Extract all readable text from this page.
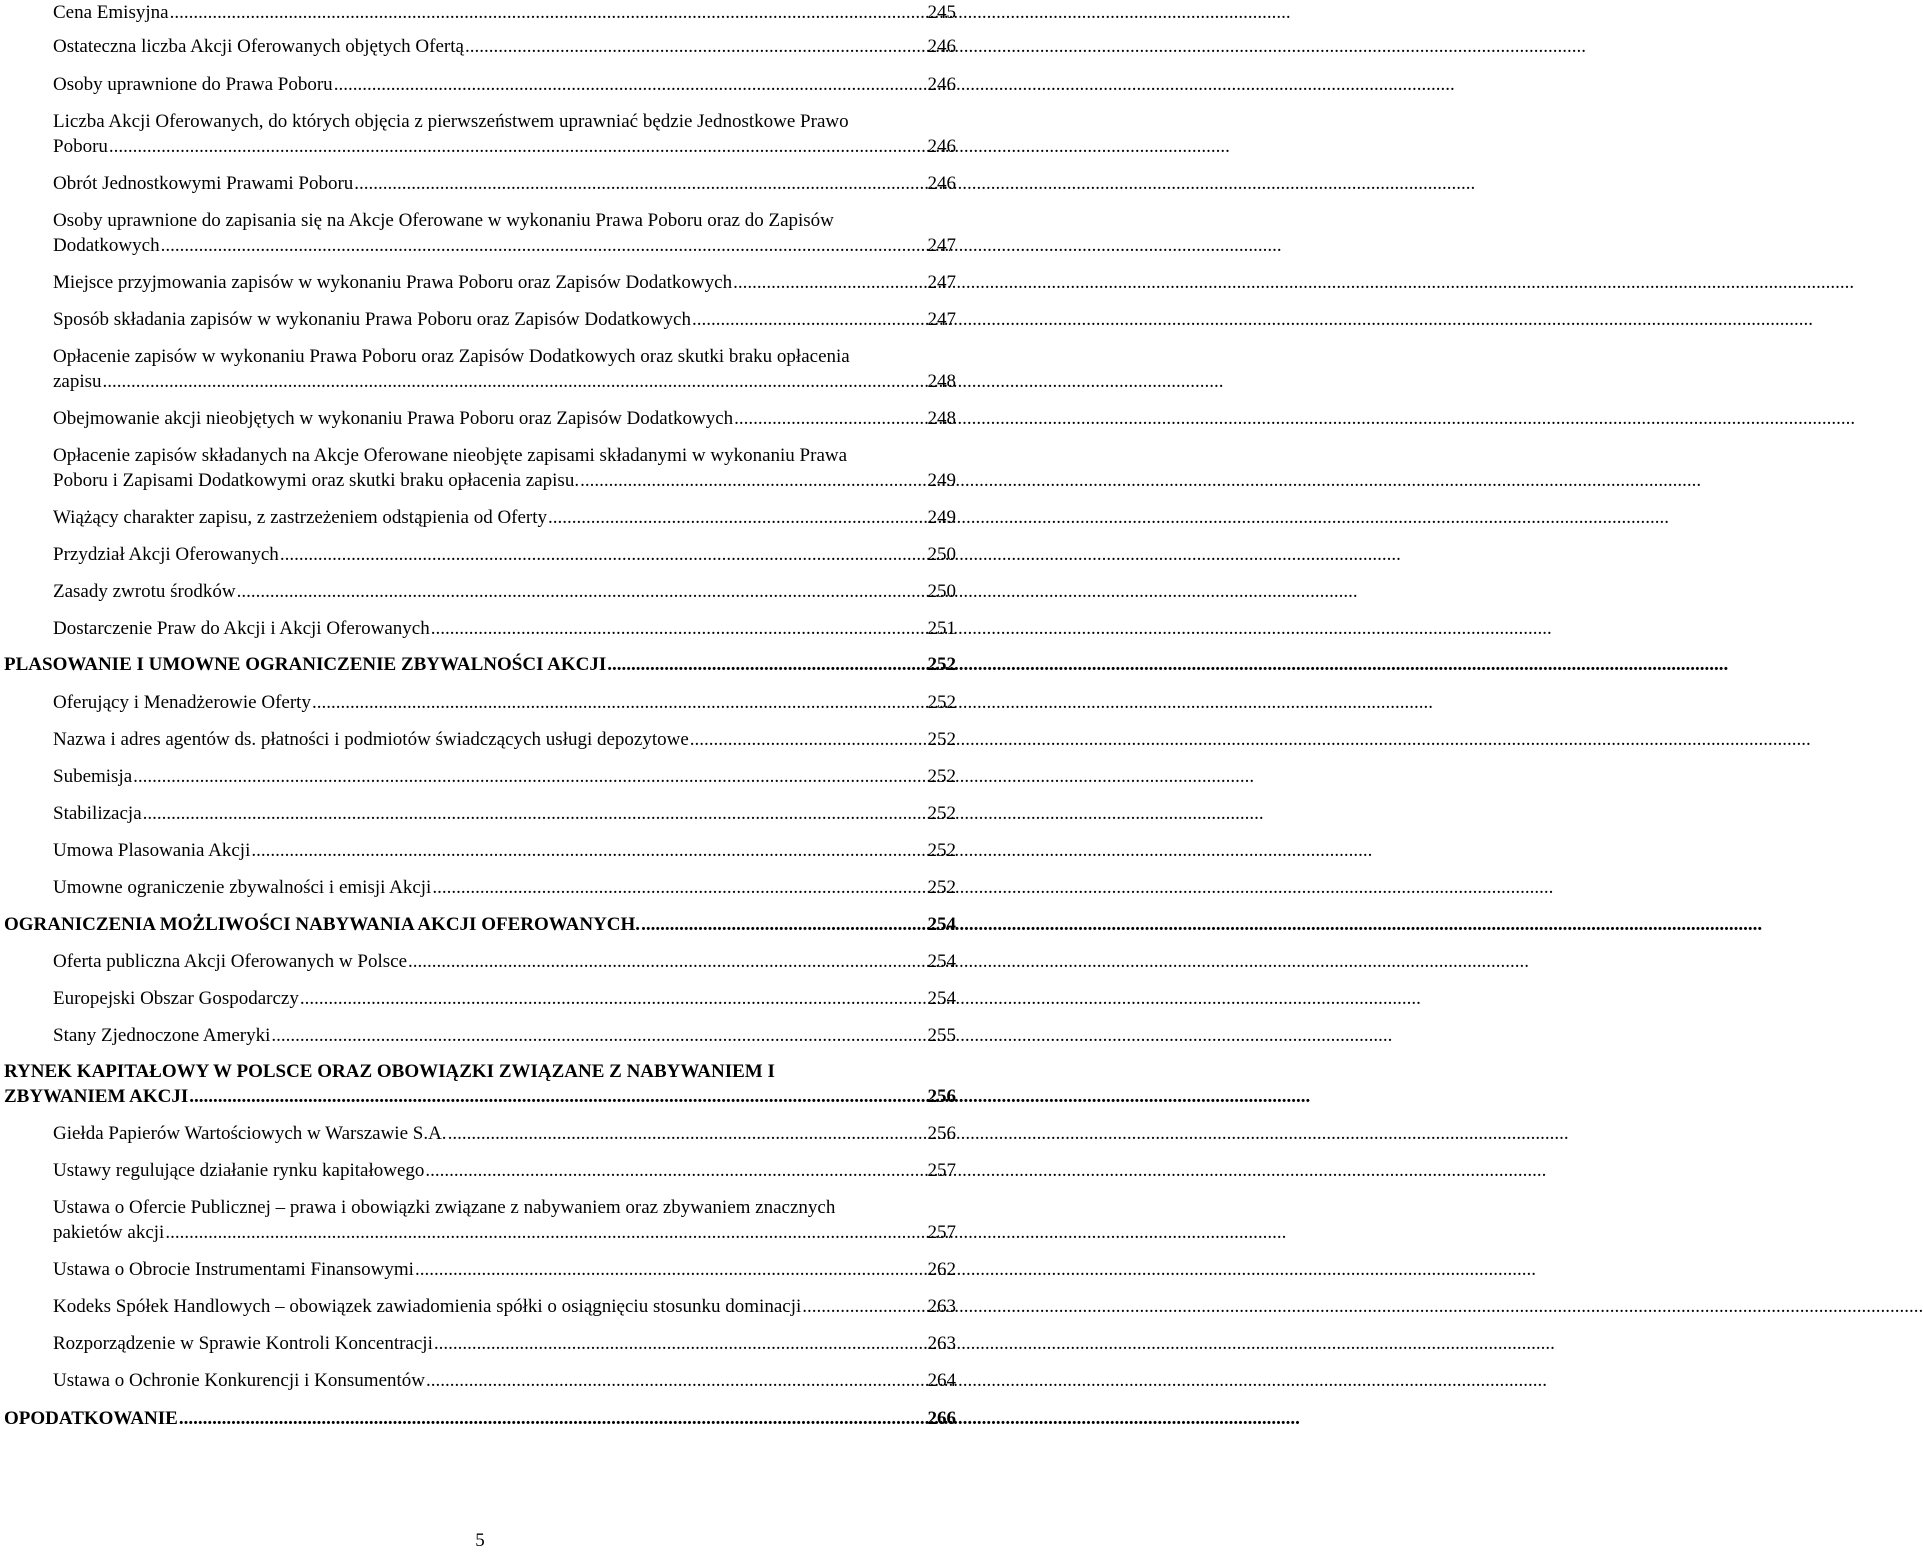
Cena Emisyjna .....	245
Ostateczna liczba Akcji Oferowanych objętych Ofertą .....	246
Osoby uprawnione do Prawa Poboru .....	246
Liczba Akcji Oferowanych, do których objęcia z pierwszeństwem uprawniać będzie Jednostkowe Prawo
Poboru .....	246
Obrót Jednostkowymi Prawami Poboru .....	246
Osoby uprawnione do zapisania się na Akcje Oferowane w wykonaniu Prawa Poboru oraz do Zapisów
Dodatkowych .....	247
Miejsce przyjmowania zapisów w wykonaniu Prawa Poboru oraz Zapisów Dodatkowych .....	247
Sposób składania zapisów w wykonaniu Prawa Poboru oraz Zapisów Dodatkowych .....	247
Opłacenie zapisów w wykonaniu Prawa Poboru oraz Zapisów Dodatkowych oraz skutki braku opłacenia
zapisu .....	248
Obejmowanie akcji nieobjętych w wykonaniu Prawa Poboru oraz Zapisów Dodatkowych .....	248
Opłacenie zapisów składanych na Akcje Oferowane nieobjęte zapisami składanymi w wykonaniu Prawa
Poboru i Zapisami Dodatkowymi oraz skutki braku opłacenia zapisu. .....	249
Wiążący charakter zapisu, z zastrzeżeniem odstąpienia od Oferty .....	249
Przydział Akcji Oferowanych .....	250
Zasady zwrotu środków .....	250
Dostarczenie Praw do Akcji i Akcji Oferowanych .....	251
PLASOWANIE I UMOWNE OGRANICZENIE ZBYWALNOŚCI AKCJI .....	252
Oferujący i Menadżerowie Oferty .....	252
Nazwa i adres agentów ds. płatności i podmiotów świadczących usługi depozytowe .....	252
Subemisja .....	252
Stabilizacja .....	252
Umowa Plasowania Akcji .....	252
Umowne ograniczenie zbywalności i emisji Akcji .....	252
OGRANICZENIA MOŻLIWOŚCI NABYWANIA AKCJI OFEROWANYCH. .....	254
Oferta publiczna Akcji Oferowanych w Polsce .....	254
Europejski Obszar Gospodarczy .....	254
Stany Zjednoczone Ameryki .....	255
RYNEK KAPITAŁOWY W POLSCE ORAZ OBOWIĄZKI ZWIĄZANE Z NABYWANIEM I
ZBYWANIEM AKCJI .....	256
Giełda Papierów Wartościowych w Warszawie S.A. .....	256
Ustawy regulujące działanie rynku kapitałowego .....	257
Ustawa o Ofercie Publicznej – prawa i obowiązki związane z nabywaniem oraz zbywaniem znacznych
pakietów akcji .....	257
Ustawa o Obrocie Instrumentami Finansowymi .....	262
Kodeks Spółek Handlowych – obowiązek zawiadomienia spółki o osiągnięciu stosunku dominacji .....	263
Rozporządzenie w Sprawie Kontroli Koncentracji .....	263
Ustawa o Ochronie Konkurencji i Konsumentów .....	264
OPODATKOWANIE .....	266
5
